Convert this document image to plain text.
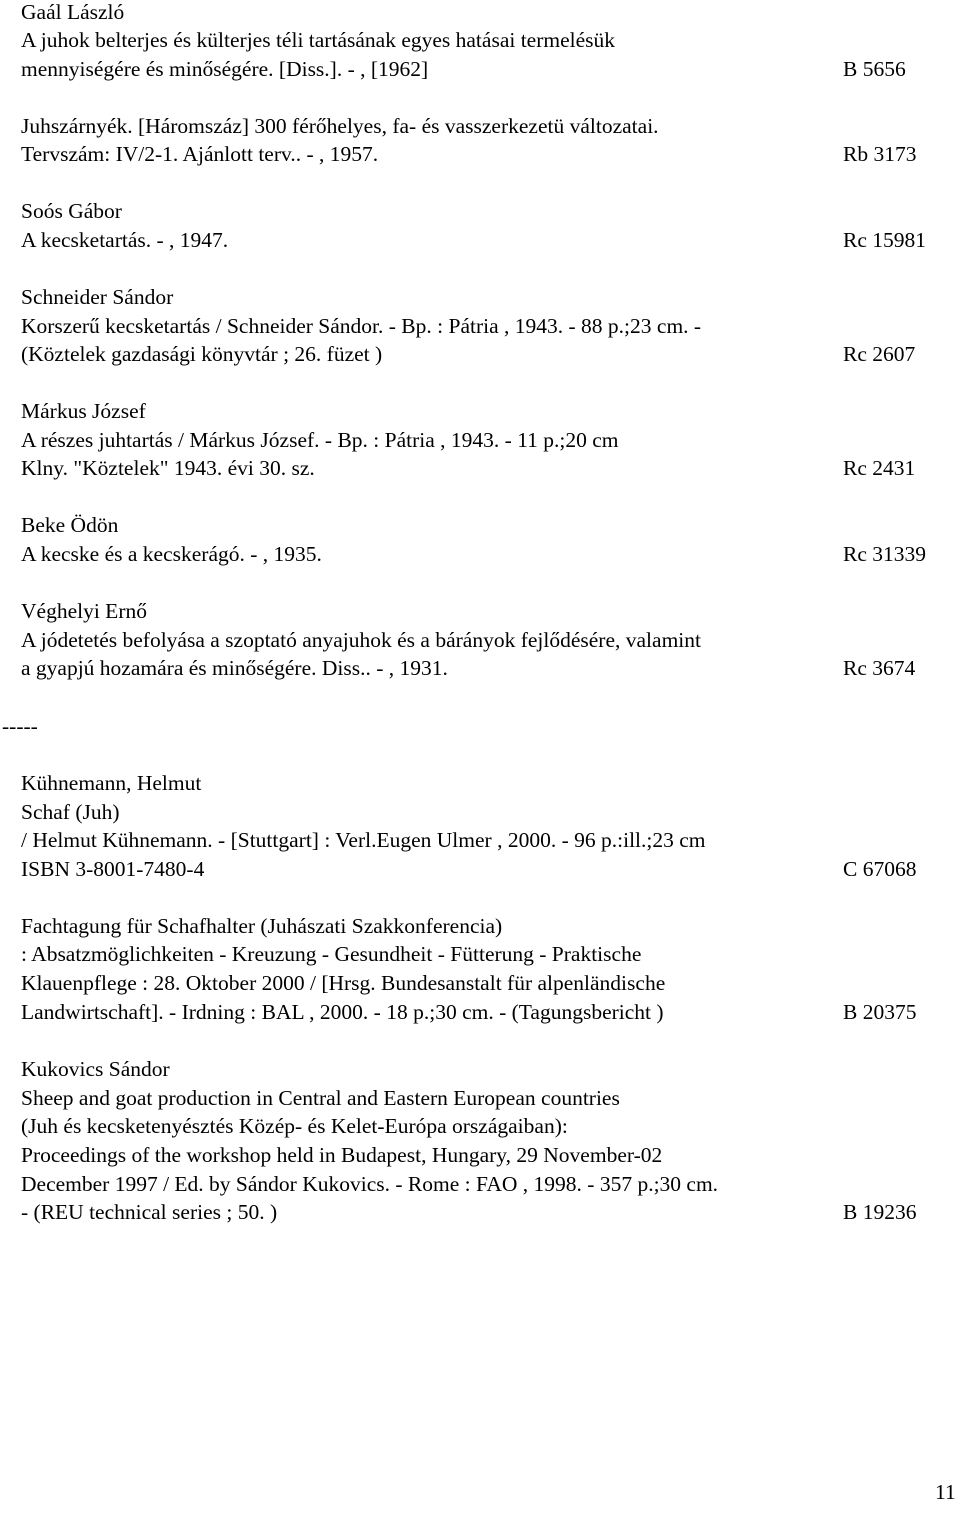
Gaál László
A juhok belterjes és külterjes téli tartásának egyes hatásai termelésük
mennyiségére és minőségére. [Diss.]. - , [1962]	B 5656
Juhszárnyék. [Háromszáz] 300 férőhelyes, fa- és vasszerkezetü változatai.
Tervszám: IV/2-1. Ajánlott terv.. - , 1957.	Rb 3173
Soós Gábor
A kecsketartás. - , 1947.	Rc 15981
Schneider Sándor
Korszerű kecsketartás / Schneider Sándor. - Bp. : Pátria , 1943. - 88 p.;23 cm. -
(Köztelek gazdasági könyvtár ; 26. füzet )	Rc 2607
Márkus József
A részes juhtartás / Márkus József. - Bp. : Pátria , 1943. - 11 p.;20 cm
Klny. "Köztelek" 1943. évi 30. sz.	Rc 2431
Beke Ödön
A kecske és a kecskerágó. - , 1935.	Rc 31339
Véghelyi Ernő
A jódetetés befolyása a szoptató anyajuhok és a bárányok fejlődésére, valamint
a gyapjú hozamára és minőségére. Diss.. - , 1931.	Rc 3674
-----
Kühnemann, Helmut
Schaf (Juh)
/ Helmut Kühnemann. - [Stuttgart] : Verl.Eugen Ulmer , 2000. - 96 p.:ill.;23 cm
ISBN 3-8001-7480-4	C 67068
Fachtagung für Schafhalter (Juhászati Szakkonferencia)
: Absatzmöglichkeiten - Kreuzung - Gesundheit - Fütterung - Praktische
Klauenpflege : 28. Oktober 2000 / [Hrsg. Bundesanstalt für alpenländische
Landwirtschaft]. - Irdning : BAL , 2000. - 18 p.;30 cm. - (Tagungsbericht )	B 20375
Kukovics Sándor
Sheep and goat production in Central and Eastern European countries
(Juh és kecsketenyésztés Közép- és Kelet-Európa országaiban):
Proceedings of the workshop held in Budapest, Hungary, 29 November-02
December 1997 / Ed. by Sándor Kukovics. - Rome : FAO , 1998. - 357 p.;30 cm.
- (REU technical series ; 50. )	B 19236
11
